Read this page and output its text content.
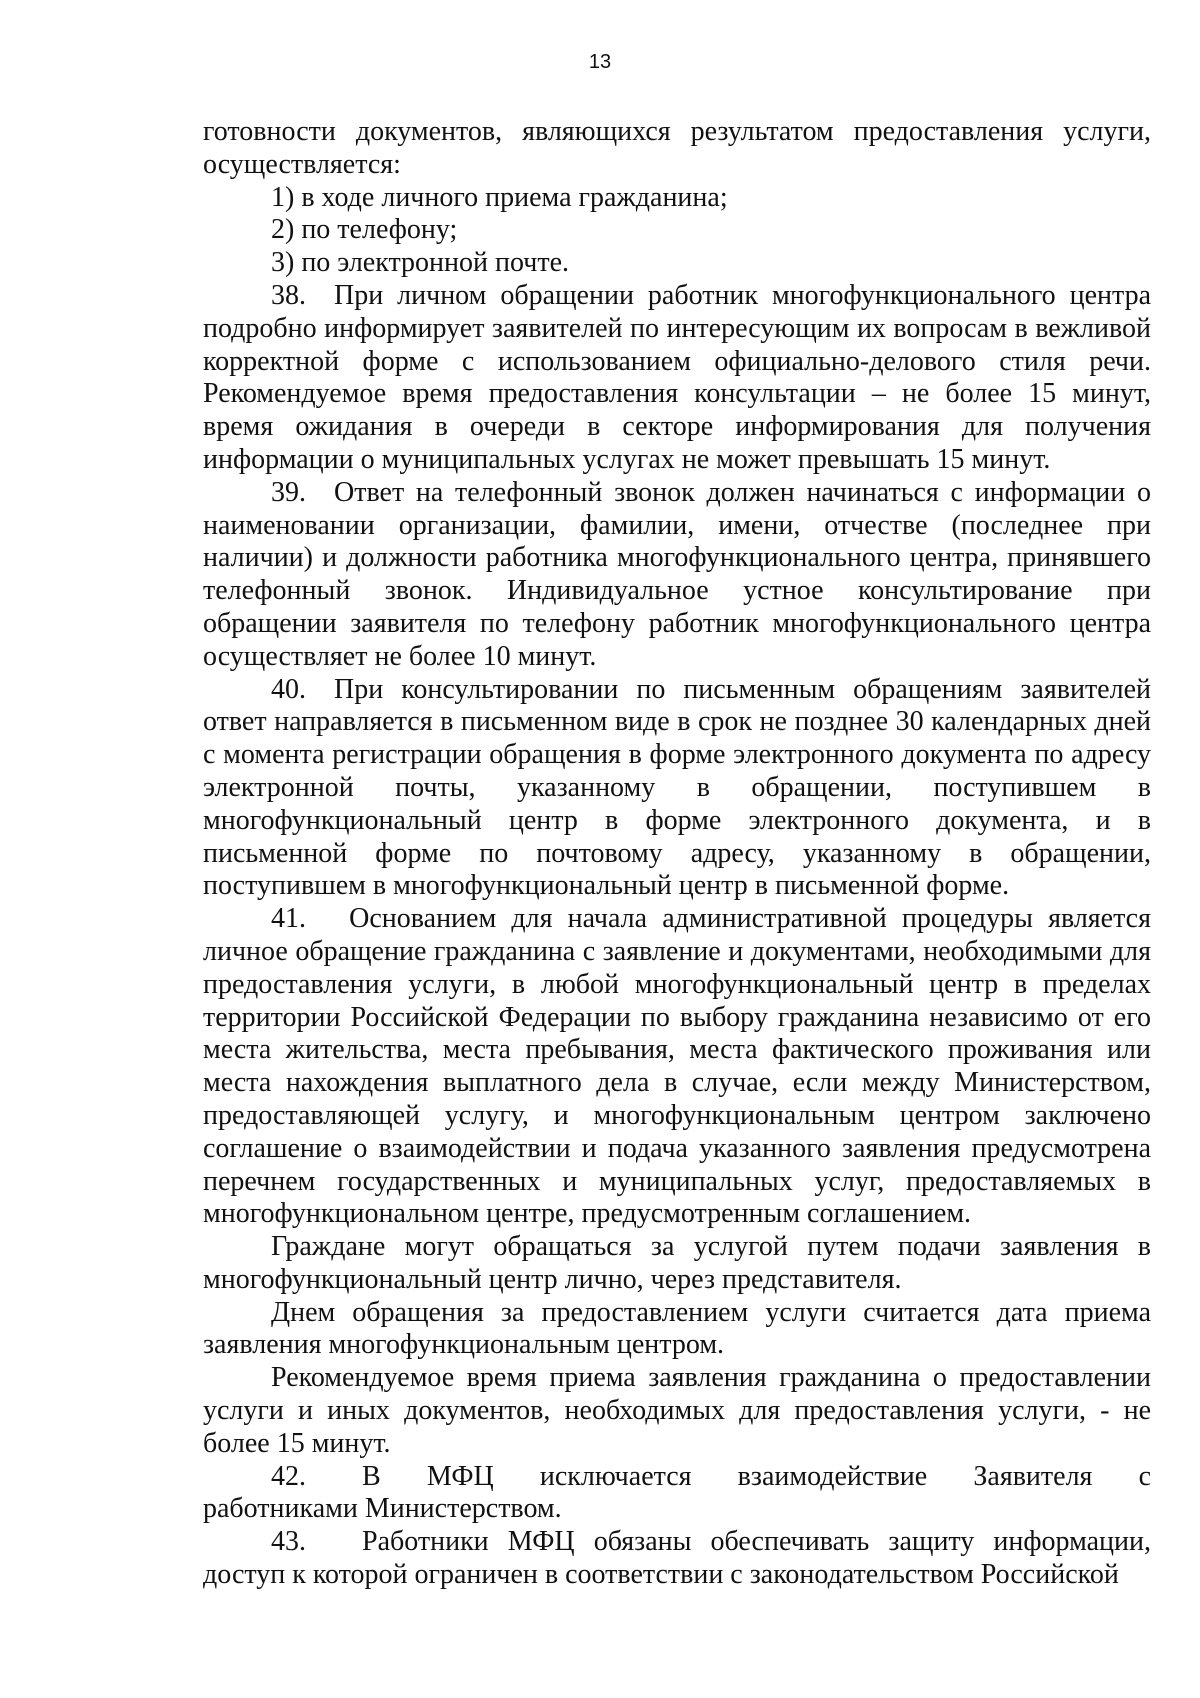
13

готовности документов, являющихся результатом предоставления услуги, осуществляется:

1) в ходе личного приема гражданина;

2) по телефону;

3) по электронной почте.

38. При личном обращении работник многофункционального центра подробно информирует заявителей по интересующим их вопросам в вежливой корректной форме с использованием официально-делового стиля речи. Рекомендуемое время предоставления консультации – не более 15 минут, время ожидания в очереди в секторе информирования для получения информации о муниципальных услугах не может превышать 15 минут.

39. Ответ на телефонный звонок должен начинаться с информации о наименовании организации, фамилии, имени, отчестве (последнее при наличии) и должности работника многофункционального центра, принявшего телефонный звонок. Индивидуальное устное консультирование при обращении заявителя по телефону работник многофункционального центра осуществляет не более 10 минут.

40. При консультировании по письменным обращениям заявителей ответ направляется в письменном виде в срок не позднее 30 календарных дней с момента регистрации обращения в форме электронного документа по адресу электронной почты, указанному в обращении, поступившем в многофункциональный центр в форме электронного документа, и в письменной форме по почтовому адресу, указанному в обращении, поступившем в многофункциональный центр в письменной форме.

41.  Основанием для начала административной процедуры является личное обращение гражданина с заявление и документами, необходимыми для предоставления услуги, в любой многофункциональный центр в пределах территории Российской Федерации по выбору гражданина независимо от его места жительства, места пребывания, места фактического проживания или места нахождения выплатного дела в случае, если между Министерством, предоставляющей услугу, и многофункциональным центром заключено соглашение о взаимодействии и подача указанного заявления предусмотрена перечнем государственных и муниципальных услуг, предоставляемых в многофункциональном центре, предусмотренным соглашением.

Граждане могут обращаться за услугой путем подачи заявления в многофункциональный центр лично, через представителя.

Днем обращения за предоставлением услуги считается дата приема заявления многофункциональным центром.

Рекомендуемое время приема заявления гражданина о предоставлении услуги и иных документов, необходимых для предоставления услуги, - не более 15 минут.

42.  В  МФЦ  исключается  взаимодействие  Заявителя  с работниками Министерством.

43.  Работники МФЦ обязаны обеспечивать защиту информации, доступ к которой ограничен в соответствии с законодательством Российской
